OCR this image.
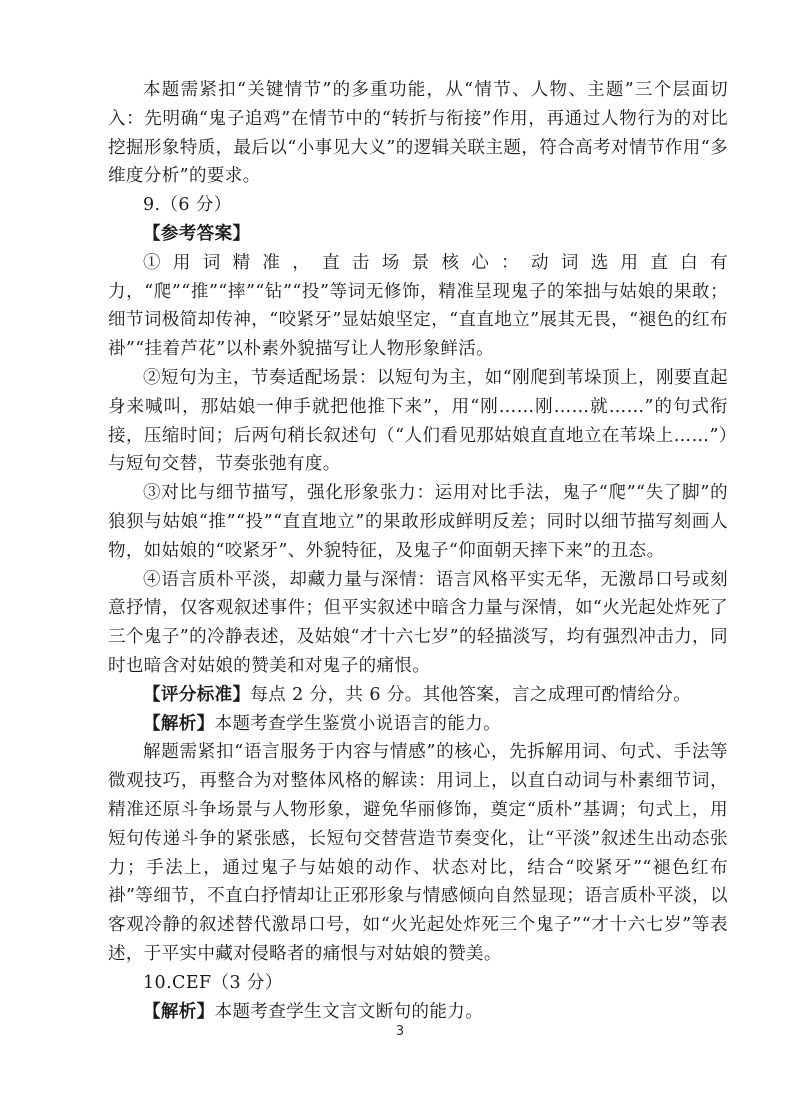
本题需紧扣“关键情节”的多重功能，从“情节、人物、主题”三个层面切入：先明确“鬼子追鸡”在情节中的“转折与衔接”作用，再通过人物行为的对比挖掘形象特质，最后以“小事见大义”的逻辑关联主题，符合高考对情节作用“多维度分析”的要求。

9.（6 分）

【参考答案】

①用词精准，直击场景核心：动词选用直白有力，“爬”“推”“摔”“钻”“投”等词无修饰，精准呈现鬼子的笨拙与姑娘的果敢；细节词极简却传神，“咬紧牙”显姑娘坚定，“直直地立”展其无畏，“褪色的红布褂”“挂着芦花”以朴素外貌描写让人物形象鲜活。

②短句为主，节奏适配场景：以短句为主，如“刚爬到苇垛顶上，刚要直起身来喊叫，那姑娘一伸手就把他推下来”，用“刚……刚……就……”的句式衔接，压缩时间；后两句稍长叙述句（“人们看见那姑娘直直地立在苇垛上……”）与短句交替，节奏张弛有度。

③对比与细节描写，强化形象张力：运用对比手法，鬼子“爬”“失了脚”的狼狈与姑娘“推”“投”“直直地立”的果敢形成鲜明反差；同时以细节描写刻画人物，如姑娘的“咬紧牙”、外貌特征，及鬼子“仰面朝天摔下来”的丑态。

④语言质朴平淡，却藏力量与深情：语言风格平实无华，无激昂口号或刻意抒情，仅客观叙述事件；但平实叙述中暗含力量与深情，如“火光起处炸死了三个鬼子”的冷静表述，及姑娘“才十六七岁”的轻描淡写，均有强烈冲击力，同时也暗含对姑娘的赞美和对鬼子的痛恨。

【评分标准】每点 2 分，共 6 分。其他答案，言之成理可酌情给分。

【解析】本题考查学生鉴赏小说语言的能力。

解题需紧扣“语言服务于内容与情感”的核心，先拆解用词、句式、手法等微观技巧，再整合为对整体风格的解读：用词上，以直白动词与朴素细节词，精准还原斗争场景与人物形象，避免华丽修饰，奠定“质朴”基调；句式上，用短句传递斗争的紧张感，长短句交替营造节奏变化，让“平淡”叙述生出动态张力；手法上，通过鬼子与姑娘的动作、状态对比，结合“咬紧牙”“褪色红布褂”等细节，不直白抒情却让正邪形象与情感倾向自然显现；语言质朴平淡，以客观冷静的叙述替代激昂口号，如“火光起处炸死三个鬼子”“才十六七岁”等表述，于平实中藏对侵略者的痛恨与对姑娘的赞美。

10.CEF（3 分）

【解析】本题考查学生文言文断句的能力。

3
